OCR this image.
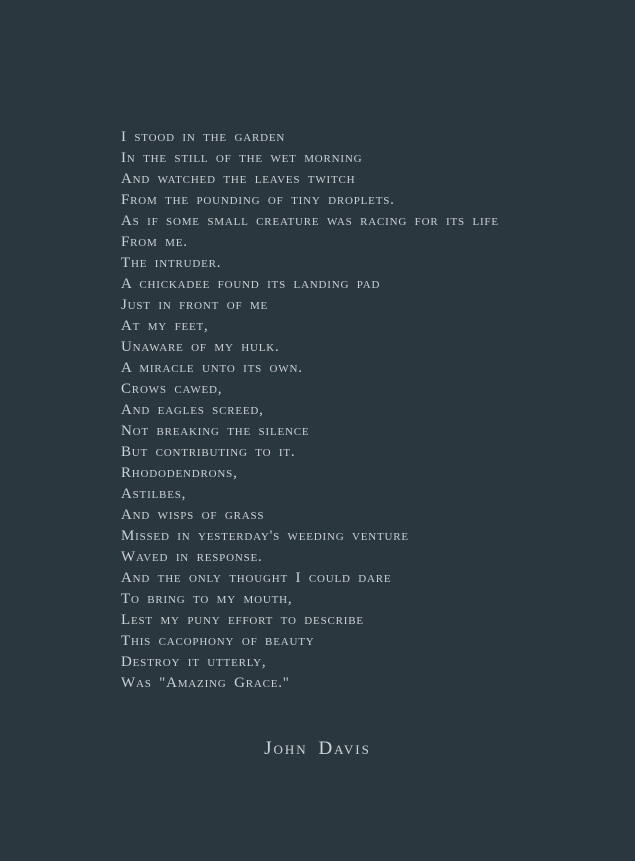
I stood in the garden
In the still of the wet morning
And watched the leaves twitch
From the pounding of tiny droplets.
As if some small creature was racing for its life
From me.
The intruder.
A chickadee found its landing pad
Just in front of me
At my feet,
Unaware of my hulk.
A miracle unto its own.
Crows cawed,
And eagles screed,
Not breaking the silence
But contributing to it.
Rhododendrons,
Astilbes,
And wisps of grass
Missed in yesterday's weeding venture
Waved in response.
And the only thought I could dare
To bring to my mouth,
Lest my puny effort to describe
This cacophony of beauty
Destroy it utterly,
Was "Amazing Grace."
John Davis
